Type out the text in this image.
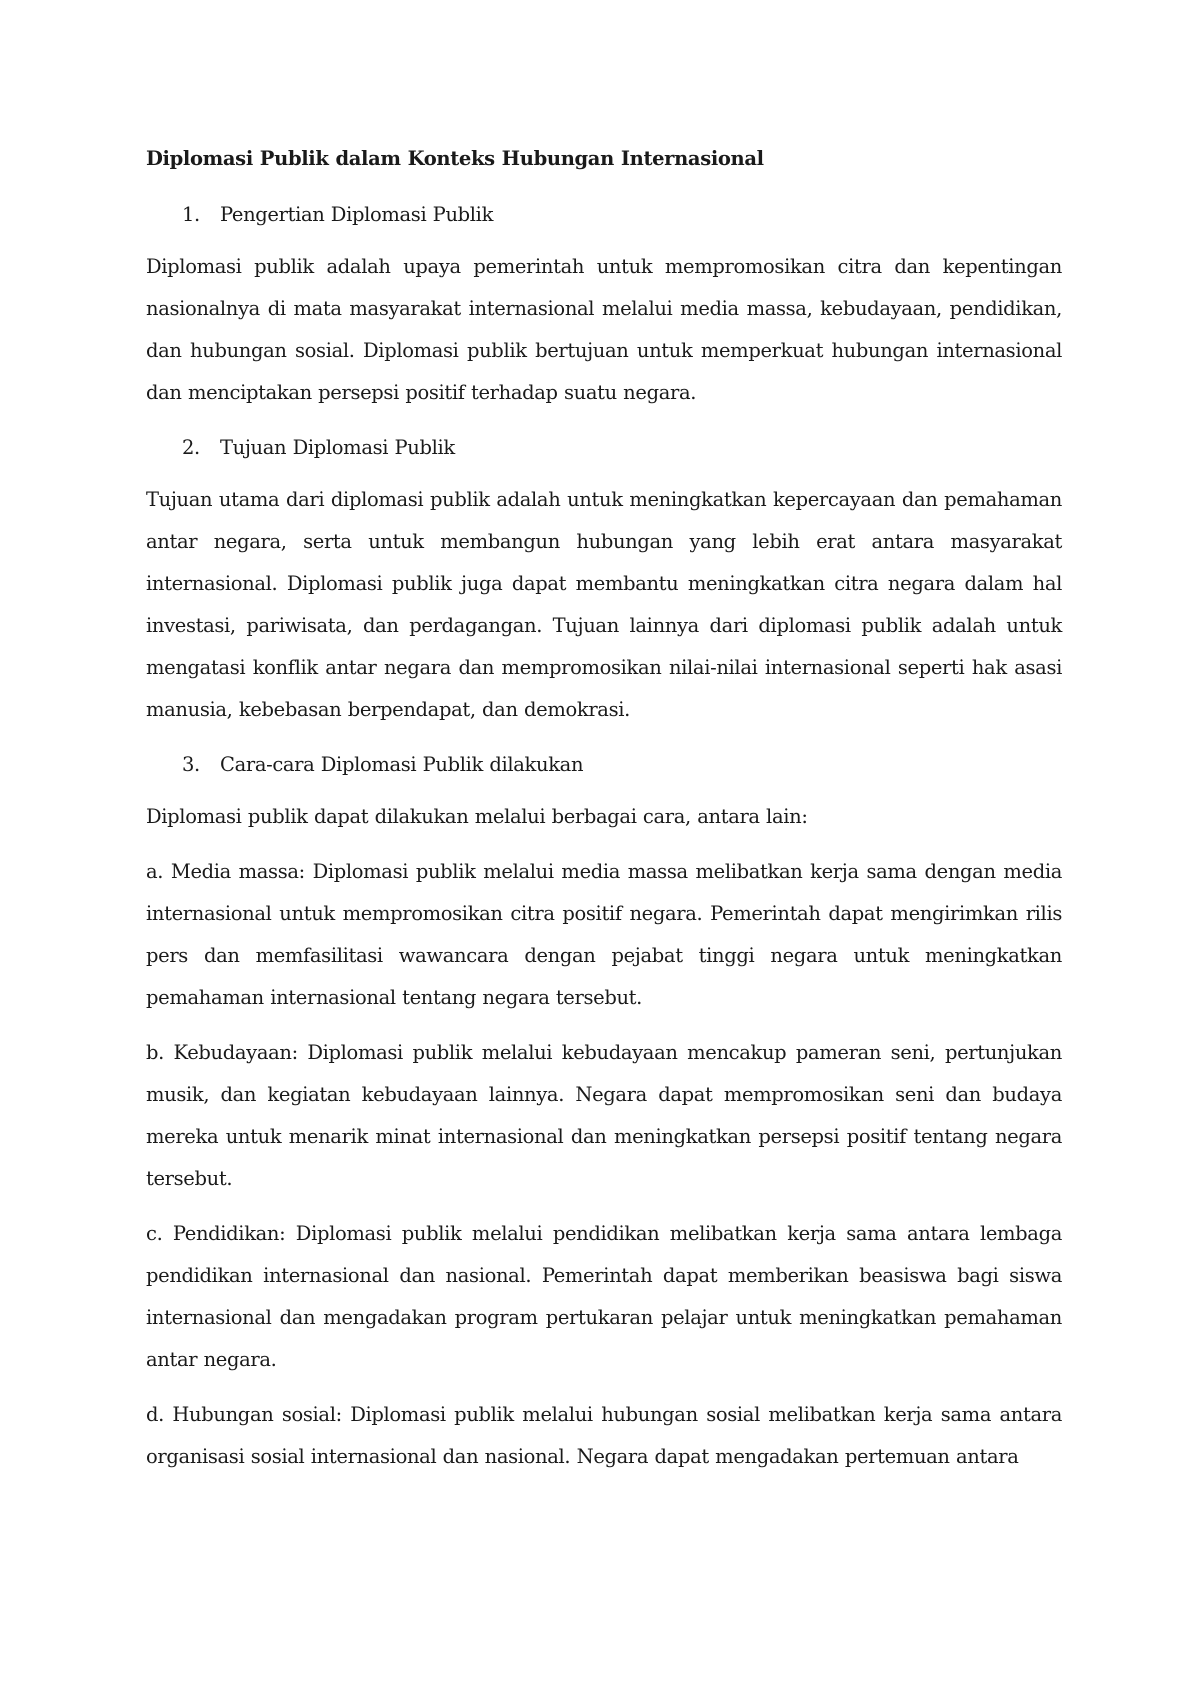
Diplomasi Publik dalam Konteks Hubungan Internasional
1.	Pengertian Diplomasi Publik

Diplomasi publik adalah upaya pemerintah untuk mempromosikan citra dan kepentingan nasionalnya di mata masyarakat internasional melalui media massa, kebudayaan, pendidikan, dan hubungan sosial. Diplomasi publik bertujuan untuk memperkuat hubungan internasional dan menciptakan persepsi positif terhadap suatu negara.

2.	Tujuan Diplomasi Publik

Tujuan utama dari diplomasi publik adalah untuk meningkatkan kepercayaan dan pemahaman antar negara, serta untuk membangun hubungan yang lebih erat antara masyarakat internasional. Diplomasi publik juga dapat membantu meningkatkan citra negara dalam hal investasi, pariwisata, dan perdagangan. Tujuan lainnya dari diplomasi publik adalah untuk mengatasi konflik antar negara dan mempromosikan nilai-nilai internasional seperti hak asasi manusia, kebebasan berpendapat, dan demokrasi.

3.	Cara-cara Diplomasi Publik dilakukan

Diplomasi publik dapat dilakukan melalui berbagai cara, antara lain:

a. Media massa: Diplomasi publik melalui media massa melibatkan kerja sama dengan media internasional untuk mempromosikan citra positif negara. Pemerintah dapat mengirimkan rilis pers dan memfasilitasi wawancara dengan pejabat tinggi negara untuk meningkatkan pemahaman internasional tentang negara tersebut.

b. Kebudayaan: Diplomasi publik melalui kebudayaan mencakup pameran seni, pertunjukan musik, dan kegiatan kebudayaan lainnya. Negara dapat mempromosikan seni dan budaya mereka untuk menarik minat internasional dan meningkatkan persepsi positif tentang negara tersebut.

c. Pendidikan: Diplomasi publik melalui pendidikan melibatkan kerja sama antara lembaga pendidikan internasional dan nasional. Pemerintah dapat memberikan beasiswa bagi siswa internasional dan mengadakan program pertukaran pelajar untuk meningkatkan pemahaman antar negara.

d. Hubungan sosial: Diplomasi publik melalui hubungan sosial melibatkan kerja sama antara organisasi sosial internasional dan nasional. Negara dapat mengadakan pertemuan antara
